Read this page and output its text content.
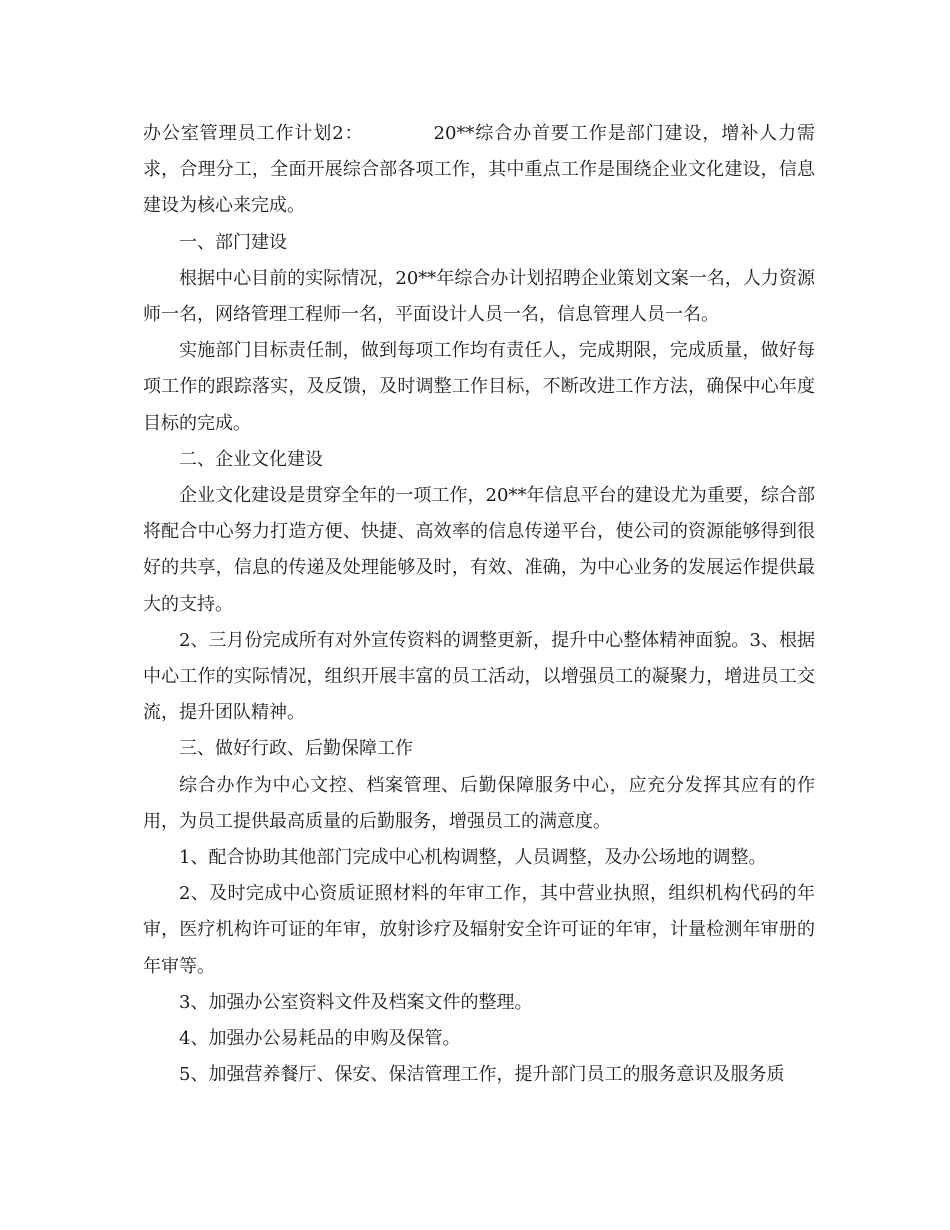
办公室管理员工作计划2：	20**综合办首要工作是部门建设，增补人力需求，合理分工，全面开展综合部各项工作，其中重点工作是围绕企业文化建设，信息建设为核心来完成。

一、部门建设

根据中心目前的实际情况，20**年综合办计划招聘企业策划文案一名，人力资源师一名，网络管理工程师一名，平面设计人员一名，信息管理人员一名。

实施部门目标责任制，做到每项工作均有责任人，完成期限，完成质量，做好每项工作的跟踪落实，及反馈，及时调整工作目标，不断改进工作方法，确保中心年度目标的完成。

二、企业文化建设

企业文化建设是贯穿全年的一项工作，20**年信息平台的建设尤为重要，综合部将配合中心努力打造方便、快捷、高效率的信息传递平台，使公司的资源能够得到很好的共享，信息的传递及处理能够及时，有效、准确，为中心业务的发展运作提供最大的支持。

2、三月份完成所有对外宣传资料的调整更新，提升中心整体精神面貌。3、根据中心工作的实际情况，组织开展丰富的员工活动，以增强员工的凝聚力，增进员工交流，提升团队精神。

三、做好行政、后勤保障工作

综合办作为中心文控、档案管理、后勤保障服务中心，应充分发挥其应有的作用，为员工提供最高质量的后勤服务，增强员工的满意度。

1、配合协助其他部门完成中心机构调整，人员调整，及办公场地的调整。

2、及时完成中心资质证照材料的年审工作，其中营业执照，组织机构代码的年审，医疗机构许可证的年审，放射诊疗及辐射安全许可证的年审，计量检测年审册的年审等。

3、加强办公室资料文件及档案文件的整理。

4、加强办公易耗品的申购及保管。

5、加强营养餐厅、保安、保洁管理工作，提升部门员工的服务意识及服务质
